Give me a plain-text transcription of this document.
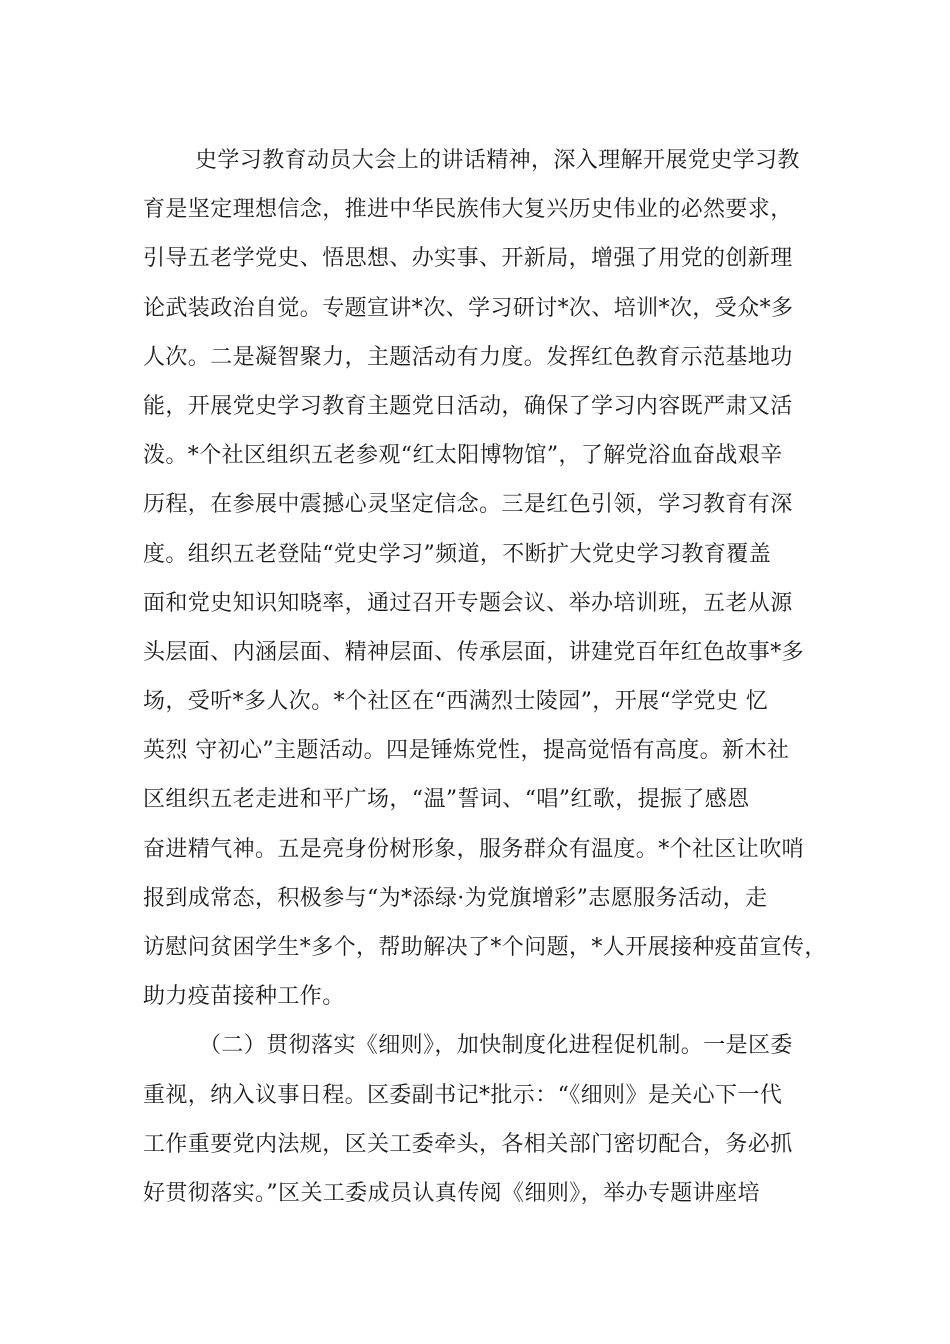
史学习教育动员大会上的讲话精神，深入理解开展党史学习教
育是坚定理想信念，推进中华民族伟大复兴历史伟业的必然要求，
引导五老学党史、悟思想、办实事、开新局，增强了用党的创新理
论武装政治自觉。专题宣讲*次、学习研讨*次、培训*次，受众*多
人次。二是凝智聚力，主题活动有力度。发挥红色教育示范基地功
能，开展党史学习教育主题党日活动，确保了学习内容既严肃又活
泼。*个社区组织五老参观“红太阳博物馆”，了解党浴血奋战艰辛
历程，在参展中震撼心灵坚定信念。三是红色引领，学习教育有深
度。组织五老登陆“党史学习”频道，不断扩大党史学习教育覆盖
面和党史知识知晓率，通过召开专题会议、举办培训班，五老从源
头层面、内涵层面、精神层面、传承层面，讲建党百年红色故事*多
场，受听*多人次。*个社区在“西满烈士陵园”，开展“学党史 忆
英烈 守初心”主题活动。四是锤炼党性，提高觉悟有高度。新木社
区组织五老走进和平广场，“温”誓词、“唱”红歌，提振了感恩
奋进精气神。五是亮身份树形象，服务群众有温度。*个社区让吹哨
报到成常态，积极参与“为*添绿·为党旗增彩”志愿服务活动，走
访慰问贫困学生*多个，帮助解决了*个问题，*人开展接种疫苗宣传，
助力疫苗接种工作。
（二）贯彻落实《细则》，加快制度化进程促机制。一是区委
重视，纳入议事日程。区委副书记*批示：“《细则》是关心下一代
工作重要党内法规，区关工委牵头，各相关部门密切配合，务必抓
好贯彻落实。”区关工委成员认真传阅《细则》，举办专题讲座培
